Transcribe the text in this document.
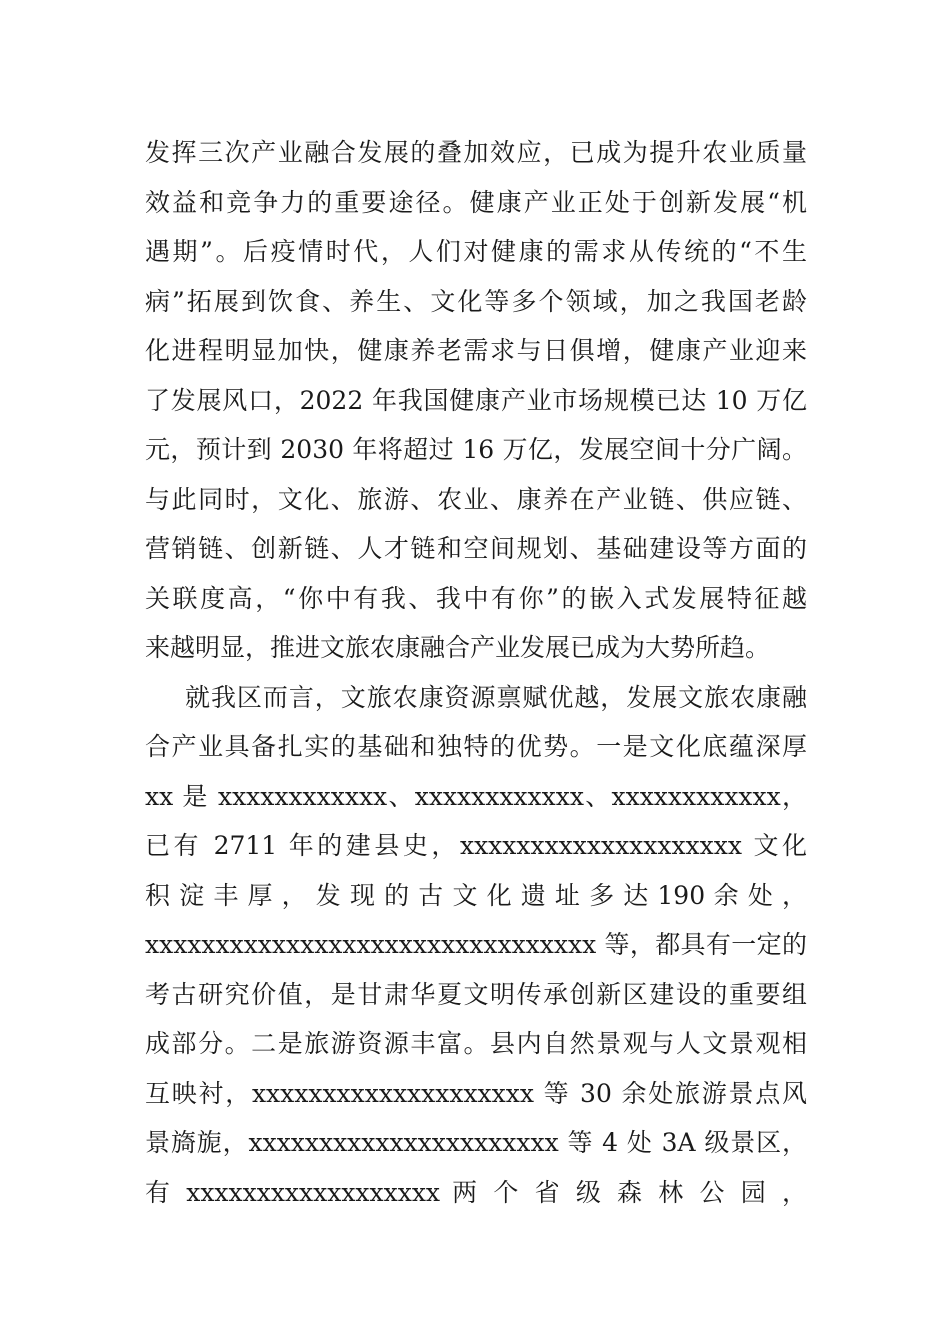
发挥三次产业融合发展的叠加效应，已成为提升农业质量
效益和竞争力的重要途径。健康产业正处于创新发展“机
遇期”。后疫情时代，人们对健康的需求从传统的“不生
病”拓展到饮食、养生、文化等多个领域，加之我国老龄
化进程明显加快，健康养老需求与日俱增，健康产业迎来
了发展风口，2022 年我国健康产业市场规模已达 10 万亿
元，预计到 2030 年将超过 16 万亿，发展空间十分广阔。
与此同时，文化、旅游、农业、康养在产业链、供应链、
营销链、创新链、人才链和空间规划、基础建设等方面的
关联度高，“你中有我、我中有你”的嵌入式发展特征越
来越明显，推进文旅农康融合产业发展已成为大势所趋。
就我区而言，文旅农康资源禀赋优越，发展文旅农康融
合产业具备扎实的基础和独特的优势。一是文化底蕴深厚
xx 是 xxxxxxxxxxxx、xxxxxxxxxxxx、xxxxxxxxxxxx，
已有 2711 年的建县史，xxxxxxxxxxxxxxxxxxxx 文化
积 淀 丰 厚 ， 发 现 的 古 文 化 遗 址 多 达 190 余 处 ，
xxxxxxxxxxxxxxxxxxxxxxxxxxxxxxxx 等，都具有一定的
考古研究价值，是甘肃华夏文明传承创新区建设的重要组
成部分。二是旅游资源丰富。县内自然景观与人文景观相
互映衬，xxxxxxxxxxxxxxxxxxxx 等 30 余处旅游景点风
景旖旎，xxxxxxxxxxxxxxxxxxxxxx 等 4 处 3A 级景区，
有 xxxxxxxxxxxxxxxxxx 两 个 省 级 森 林 公 园 ，
